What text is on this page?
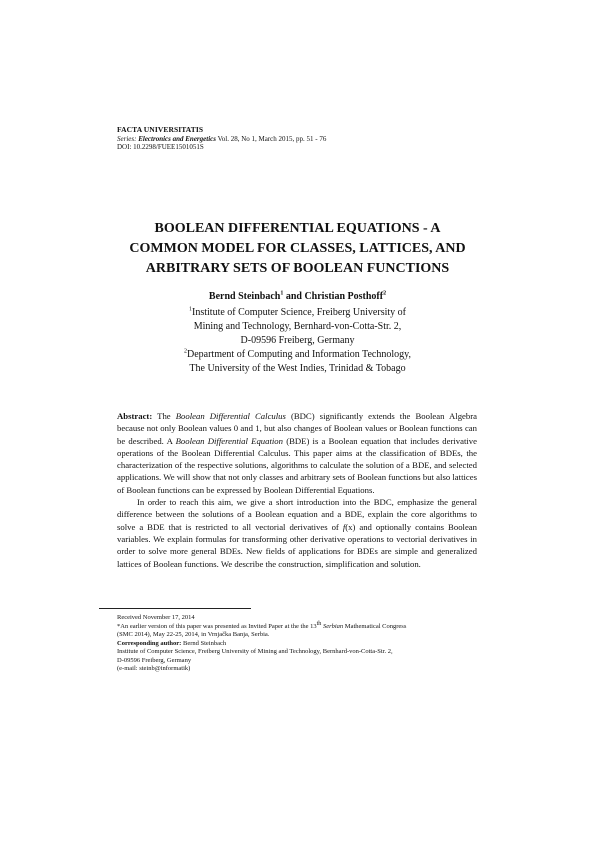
FACTA UNIVERSITATIS
Series: Electronics and Energetics Vol. 28, No 1, March 2015, pp. 51 - 76
DOI: 10.2298/FUEE1501051S
BOOLEAN DIFFERENTIAL EQUATIONS - A
COMMON MODEL FOR CLASSES, LATTICES, AND
ARBITRARY SETS OF BOOLEAN FUNCTIONS
Bernd Steinbach$^1$ and Christian Posthoff$^2$
$^1$Institute of Computer Science, Freiberg University of
Mining and Technology, Bernhard-von-Cotta-Str. 2,
D-09596 Freiberg, Germany
$^2$Department of Computing and Information Technology,
The University of the West Indies, Trinidad & Tobago

Abstract: The Boolean Differential Calculus (BDC) significantly extends the Boolean Algebra because not only Boolean values 0 and 1, but also changes of Boolean values or Boolean functions can be described. A Boolean Differential Equation (BDE) is a Boolean equation that includes derivative operations of the Boolean Differential Calculus. This paper aims at the classification of BDEs, the characterization of the respective solutions, algorithms to calculate the solution of a BDE, and selected applications. We will show that not only classes and arbitrary sets of Boolean functions but also lattices of Boolean functions can be expressed by Boolean Differential Equations.

In order to reach this aim, we give a short introduction into the BDC, emphasize the general difference between the solutions of a Boolean equation and a BDE, explain the core algorithms to solve a BDE that is restricted to all vectorial derivatives of f(x) and optionally contains Boolean variables. We explain formulas for transforming other derivative operations to vectorial derivatives in order to solve more general BDEs. New fields of applications for BDEs are simple and generalized lattices of Boolean functions. We describe the construction, simplification and solution.

Received November 17, 2014
*An earlier version of this paper was presented as Invited Paper at the the 13th Serbian Mathematical Congress
(SMC 2014), May 22-25, 2014, in Vrnjačka Banja, Serbia.
Corresponding author: Bernd Steinbach
Institute of Computer Science, Freiberg University of Mining and Technology, Bernhard-von-Cotta-Str. 2,
D-09596 Freiberg, Germany
(e-mail: steinb@informatik)
